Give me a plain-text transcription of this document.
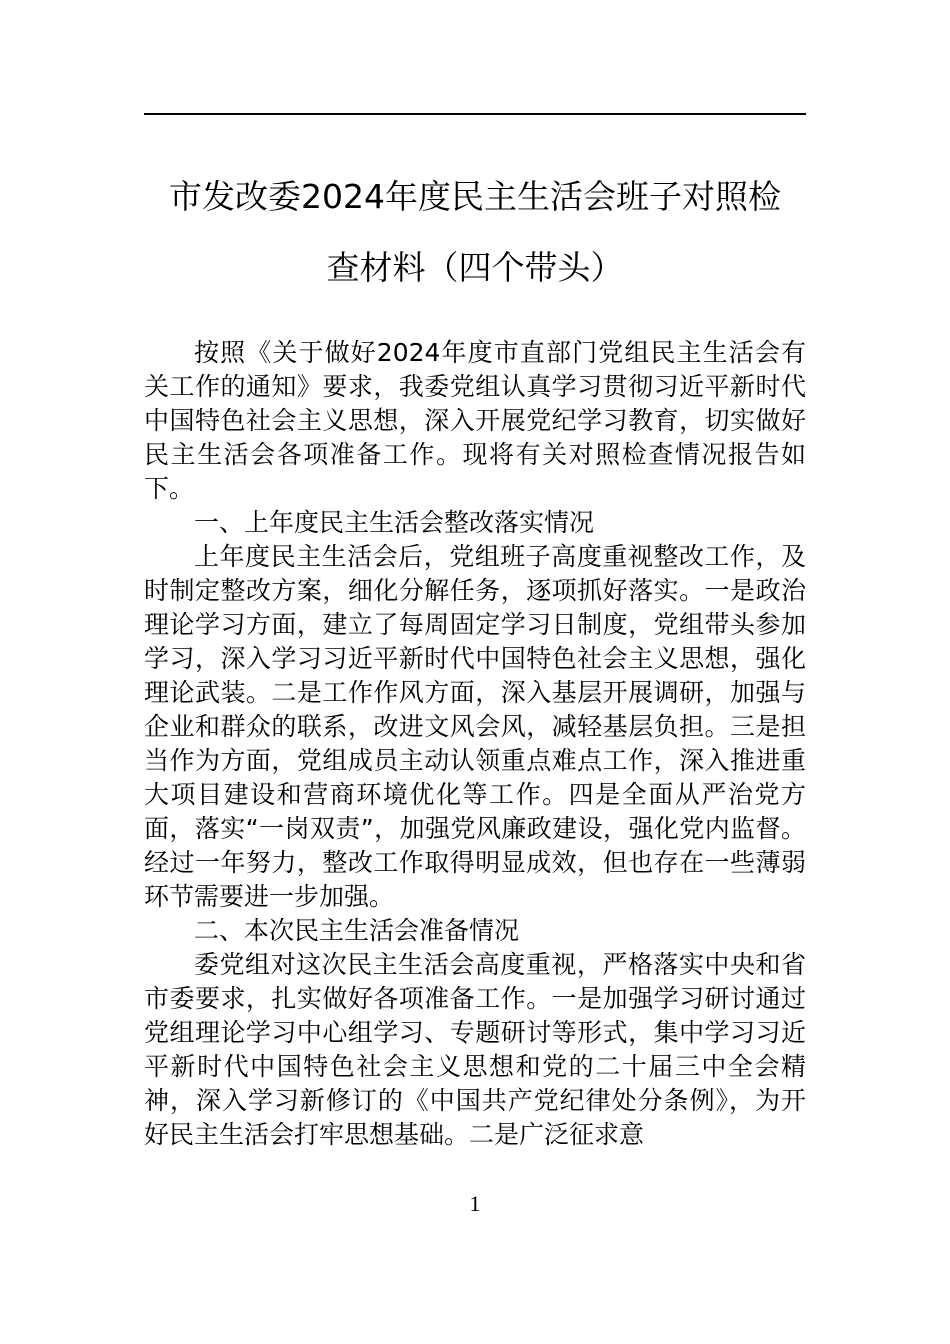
市发改委2024年度民主生活会班子对照检
查材料（四个带头）

按照《关于做好2024年度市直部门党组民主生活会有关工作的通知》要求，我委党组认真学习贯彻习近平新时代中国特色社会主义思想，深入开展党纪学习教育，切实做好民主生活会各项准备工作。现将有关对照检查情况报告如下。

一、上年度民主生活会整改落实情况

上年度民主生活会后，党组班子高度重视整改工作，及时制定整改方案，细化分解任务，逐项抓好落实。一是政治理论学习方面，建立了每周固定学习日制度，党组带头参加学习，深入学习习近平新时代中国特色社会主义思想，强化理论武装。二是工作作风方面，深入基层开展调研，加强与企业和群众的联系，改进文风会风，减轻基层负担。三是担当作为方面，党组成员主动认领重点难点工作，深入推进重大项目建设和营商环境优化等工作。四是全面从严治党方面，落实“一岗双责”，加强党风廉政建设，强化党内监督。经过一年努力，整改工作取得明显成效，但也存在一些薄弱环节需要进一步加强。

二、本次民主生活会准备情况

委党组对这次民主生活会高度重视，严格落实中央和省市委要求，扎实做好各项准备工作。一是加强学习研讨通过党组理论学习中心组学习、专题研讨等形式，集中学习习近平新时代中国特色社会主义思想和党的二十届三中全会精神，深入学习新修订的《中国共产党纪律处分条例》，为开好民主生活会打牢思想基础。二是广泛征求意

1
